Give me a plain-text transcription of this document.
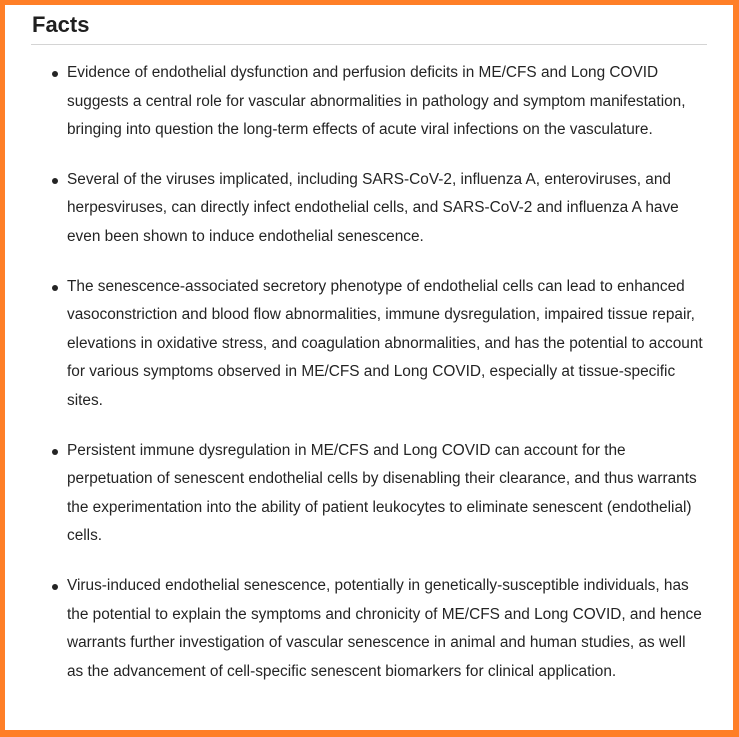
Facts
Evidence of endothelial dysfunction and perfusion deficits in ME/CFS and Long COVID suggests a central role for vascular abnormalities in pathology and symptom manifestation, bringing into question the long-term effects of acute viral infections on the vasculature.
Several of the viruses implicated, including SARS-CoV-2, influenza A, enteroviruses, and herpesviruses, can directly infect endothelial cells, and SARS-CoV-2 and influenza A have even been shown to induce endothelial senescence.
The senescence-associated secretory phenotype of endothelial cells can lead to enhanced vasoconstriction and blood flow abnormalities, immune dysregulation, impaired tissue repair, elevations in oxidative stress, and coagulation abnormalities, and has the potential to account for various symptoms observed in ME/CFS and Long COVID, especially at tissue-specific sites.
Persistent immune dysregulation in ME/CFS and Long COVID can account for the perpetuation of senescent endothelial cells by disenabling their clearance, and thus warrants the experimentation into the ability of patient leukocytes to eliminate senescent (endothelial) cells.
Virus-induced endothelial senescence, potentially in genetically-susceptible individuals, has the potential to explain the symptoms and chronicity of ME/CFS and Long COVID, and hence warrants further investigation of vascular senescence in animal and human studies, as well as the advancement of cell-specific senescent biomarkers for clinical application.
